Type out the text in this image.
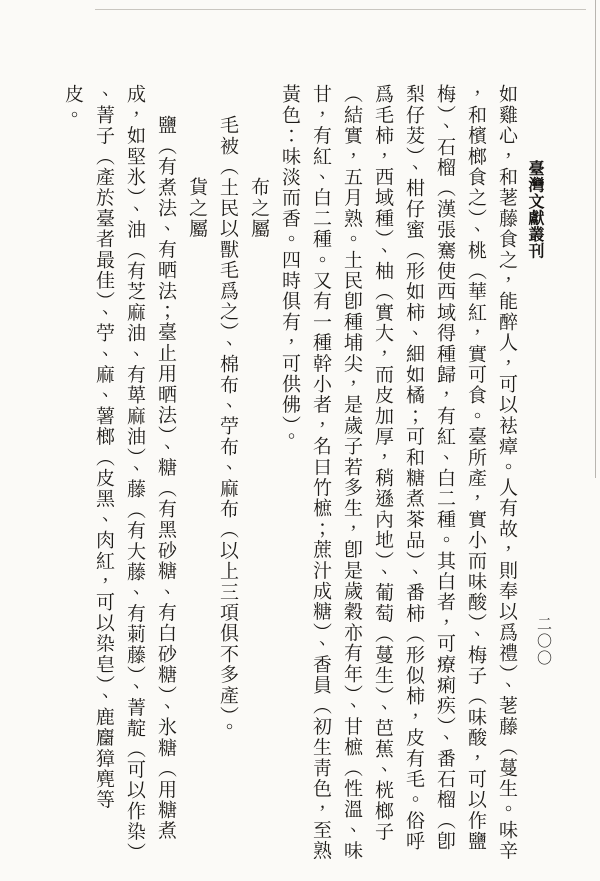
臺灣文獻叢刊
二〇〇
如雞心，和荖藤食之，能醉人，可以袪瘴。人有故，則奉以爲禮）、荖藤（蔓生。味辛
，和檳榔食之）、桃（華紅，實可食。臺所產，實小而味酸）、梅子（味酸，可以作鹽
梅）、石榴（漢張騫使西域得種歸，有紅、白二種。其白者，可療痢疾）、番石榴（卽
梨仔茇）、柑仔蜜（形如柿、細如橘；可和糖煮茶品）、番柿（形似柿，皮有毛。俗呼
爲毛柿，西域種）、柚（實大，而皮加厚，稍遜內地）、葡萄（蔓生）、芭蕉、桄榔子
（結實，五月熟。土民卽種埔尖，是歲子若多生，卽是歲穀亦有年）、甘樜（性溫、味
甘，有紅、白二種。又有一種幹小者，名曰竹樜；蔗汁成糖）、香員（初生靑色，至熟
黃色：味淡而香。四時俱有，可供佛）。
布之屬
毛被（土民以獸毛爲之）、棉布、苧布、麻布（以上三項俱不多產）。
貨之屬
鹽（有煮法、有晒法；臺止用晒法）、糖（有黑砂糖、有白砂糖）、氷糖（用糖煮
成，如堅氷）、油（有芝麻油、有萆麻油）、藤（有大藤、有莿藤）、菁靛（可以作染）
、菁子（產於臺者最佳）、苧、麻、薯榔（皮黑、肉紅，可以染皂）、鹿麕獐麂等
皮。
